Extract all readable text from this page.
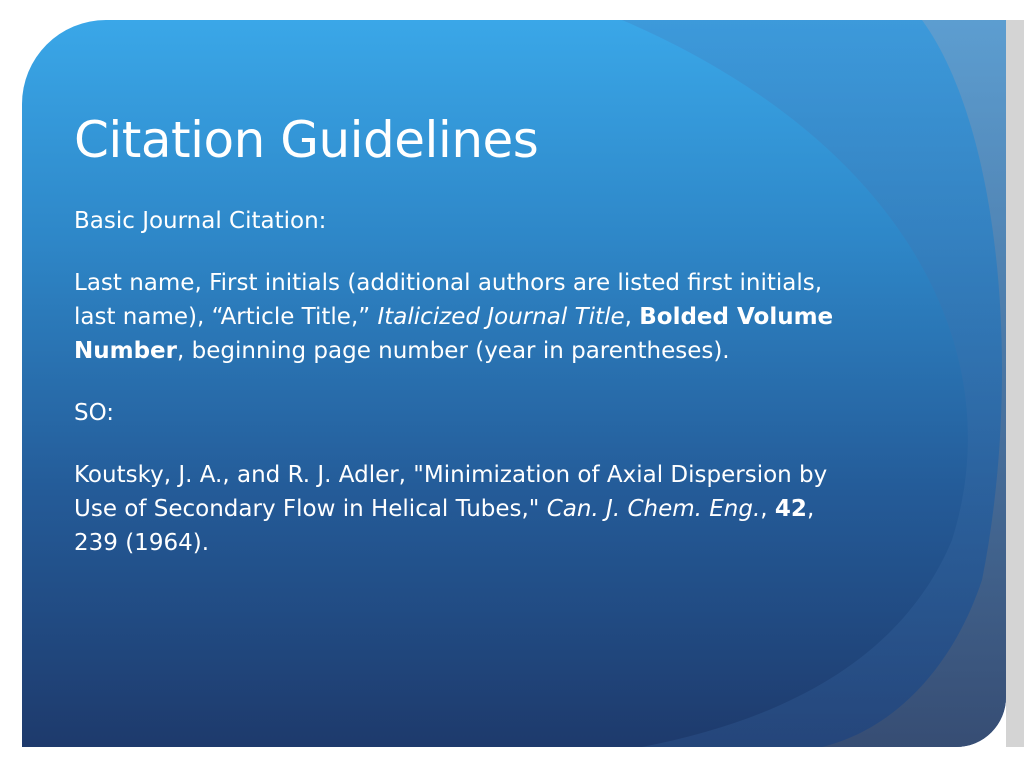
Citation Guidelines

Basic Journal Citation:

Last name, First initials (additional authors are listed first initials, last name), “Article Title,” Italicized Journal Title, Bolded Volume Number, beginning page number (year in parentheses).

SO:

Koutsky, J. A., and R. J. Adler, "Minimization of Axial Dispersion by Use of Secondary Flow in Helical Tubes," Can. J. Chem. Eng., 42, 239 (1964).
